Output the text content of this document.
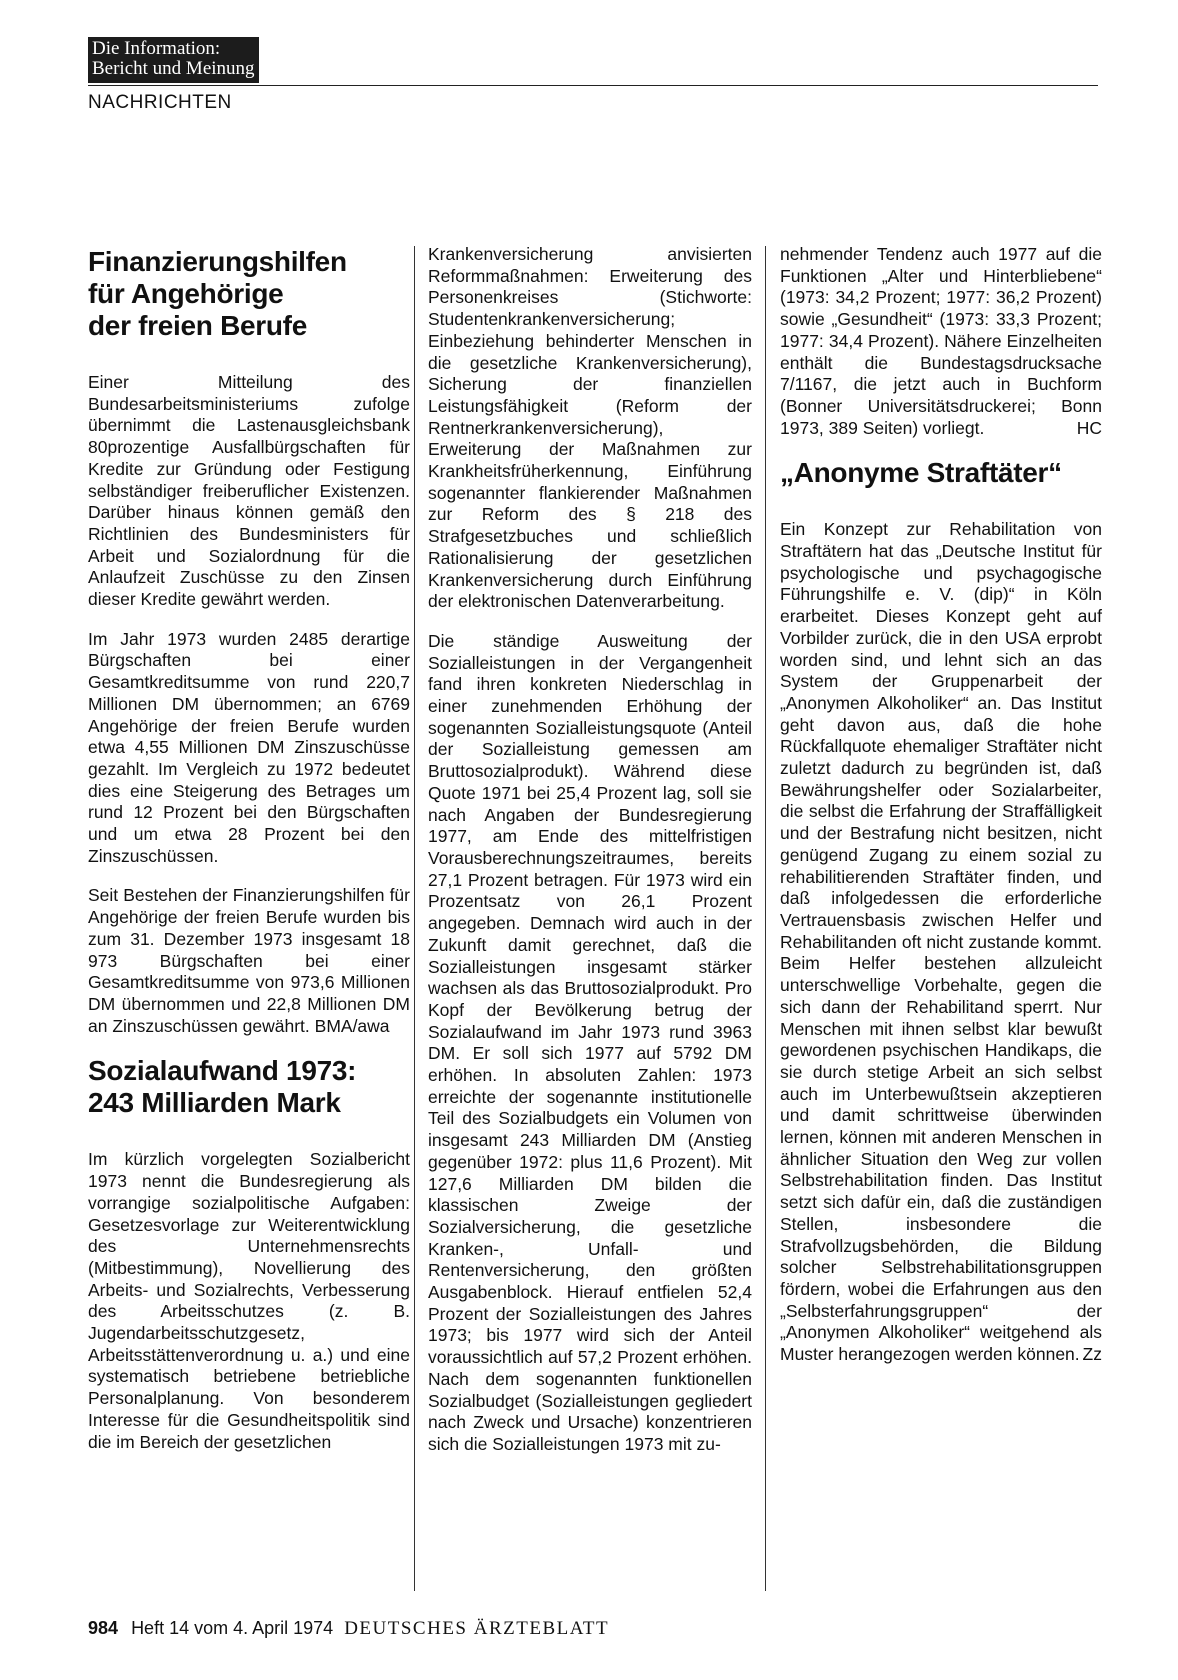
Die Information:
Bericht und Meinung
NACHRICHTEN
Finanzierungshilfen
für Angehörige
der freien Berufe

Einer Mitteilung des Bundesarbeitsministeriums zufolge übernimmt die Lastenausgleichsbank 80prozentige Ausfallbürgschaften für Kredite zur Gründung oder Festigung selbständiger freiberuflicher Existenzen. Darüber hinaus können gemäß den Richtlinien des Bundesministers für Arbeit und Sozialordnung für die Anlaufzeit Zuschüsse zu den Zinsen dieser Kredite gewährt werden.

Im Jahr 1973 wurden 2485 derartige Bürgschaften bei einer Gesamtkreditsumme von rund 220,7 Millionen DM übernommen; an 6769 Angehörige der freien Berufe wurden etwa 4,55 Millionen DM Zinszuschüsse gezahlt. Im Vergleich zu 1972 bedeutet dies eine Steigerung des Betrages um rund 12 Prozent bei den Bürgschaften und um etwa 28 Prozent bei den Zinszuschüssen.

Seit Bestehen der Finanzierungshilfen für Angehörige der freien Berufe wurden bis zum 31. Dezember 1973 insgesamt 18 973 Bürgschaften bei einer Gesamtkreditsumme von 973,6 Millionen DM übernommen und 22,8 Millionen DM an Zinszuschüssen gewährt. BMA/awa

Sozialaufwand 1973:
243 Milliarden Mark

Im kürzlich vorgelegten Sozialbericht 1973 nennt die Bundesregierung als vorrangige sozialpolitische Aufgaben: Gesetzesvorlage zur Weiterentwicklung des Unternehmensrechts (Mitbestimmung), Novellierung des Arbeits- und Sozialrechts, Verbesserung des Arbeitsschutzes (z. B. Jugendarbeitsschutzgesetz, Arbeitsstättenverordnung u. a.) und eine systematisch betriebene betriebliche Personalplanung. Von besonderem Interesse für die Gesundheitspolitik sind die im Bereich der gesetzlichen

Krankenversicherung anvisierten Reformmaßnahmen: Erweiterung des Personenkreises (Stichworte: Studentenkrankenversicherung; Einbeziehung behinderter Menschen in die gesetzliche Krankenversicherung), Sicherung der finanziellen Leistungsfähigkeit (Reform der Rentnerkrankenversicherung), Erweiterung der Maßnahmen zur Krankheitsfrüherkennung, Einführung sogenannter flankierender Maßnahmen zur Reform des § 218 des Strafgesetzbuches und schließlich Rationalisierung der gesetzlichen Krankenversicherung durch Einführung der elektronischen Datenverarbeitung.

Die ständige Ausweitung der Sozialleistungen in der Vergangenheit fand ihren konkreten Niederschlag in einer zunehmenden Erhöhung der sogenannten Sozialleistungsquote (Anteil der Sozialleistung gemessen am Bruttosozialprodukt). Während diese Quote 1971 bei 25,4 Prozent lag, soll sie nach Angaben der Bundesregierung 1977, am Ende des mittelfristigen Vorausberechnungszeitraumes, bereits 27,1 Prozent betragen. Für 1973 wird ein Prozentsatz von 26,1 Prozent angegeben. Demnach wird auch in der Zukunft damit gerechnet, daß die Sozialleistungen insgesamt stärker wachsen als das Bruttosozialprodukt. Pro Kopf der Bevölkerung betrug der Sozialaufwand im Jahr 1973 rund 3963 DM. Er soll sich 1977 auf 5792 DM erhöhen. In absoluten Zahlen: 1973 erreichte der sogenannte institutionelle Teil des Sozialbudgets ein Volumen von insgesamt 243 Milliarden DM (Anstieg gegenüber 1972: plus 11,6 Prozent). Mit 127,6 Milliarden DM bilden die klassischen Zweige der Sozialversicherung, die gesetzliche Kranken-, Unfall- und Rentenversicherung, den größten Ausgabenblock. Hierauf entfielen 52,4 Prozent der Sozialleistungen des Jahres 1973; bis 1977 wird sich der Anteil voraussichtlich auf 57,2 Prozent erhöhen. Nach dem sogenannten funktionellen Sozialbudget (Sozialleistungen gegliedert nach Zweck und Ursache) konzentrieren sich die Sozialleistungen 1973 mit zu-

nehmender Tendenz auch 1977 auf die Funktionen „Alter und Hinterbliebene“ (1973: 34,2 Prozent; 1977: 36,2 Prozent) sowie „Gesundheit“ (1973: 33,3 Prozent; 1977: 34,4 Prozent). Nähere Einzelheiten enthält die Bundestagsdrucksache 7/1167, die jetzt auch in Buchform (Bonner Universitätsdruckerei; Bonn 1973, 389 Seiten) vorliegt.	HC

„Anonyme Straftäter“

Ein Konzept zur Rehabilitation von Straftätern hat das „Deutsche Institut für psychologische und psychagogische Führungshilfe e. V. (dip)“ in Köln erarbeitet. Dieses Konzept geht auf Vorbilder zurück, die in den USA erprobt worden sind, und lehnt sich an das System der Gruppenarbeit der „Anonymen Alkoholiker“ an. Das Institut geht davon aus, daß die hohe Rückfallquote ehemaliger Straftäter nicht zuletzt dadurch zu begründen ist, daß Bewährungshelfer oder Sozialarbeiter, die selbst die Erfahrung der Straffälligkeit und der Bestrafung nicht besitzen, nicht genügend Zugang zu einem sozial zu rehabilitierenden Straftäter finden, und daß infolgedessen die erforderliche Vertrauensbasis zwischen Helfer und Rehabilitanden oft nicht zustande kommt. Beim Helfer bestehen allzuleicht unterschwellige Vorbehalte, gegen die sich dann der Rehabilitand sperrt. Nur Menschen mit ihnen selbst klar bewußt gewordenen psychischen Handikaps, die sie durch stetige Arbeit an sich selbst auch im Unterbewußtsein akzeptieren und damit schrittweise überwinden lernen, können mit anderen Menschen in ähnlicher Situation den Weg zur vollen Selbstrehabilitation finden. Das Institut setzt sich dafür ein, daß die zuständigen Stellen, insbesondere die Strafvollzugsbehörden, die Bildung solcher Selbstrehabilitationsgruppen fördern, wobei die Erfahrungen aus den „Selbsterfahrungsgruppen“ der „Anonymen Alkoholiker“ weitgehend als Muster herangezogen werden können. Zz

984 Heft 14 vom 4. April 1974 DEUTSCHES ÄRZTEBLATT
